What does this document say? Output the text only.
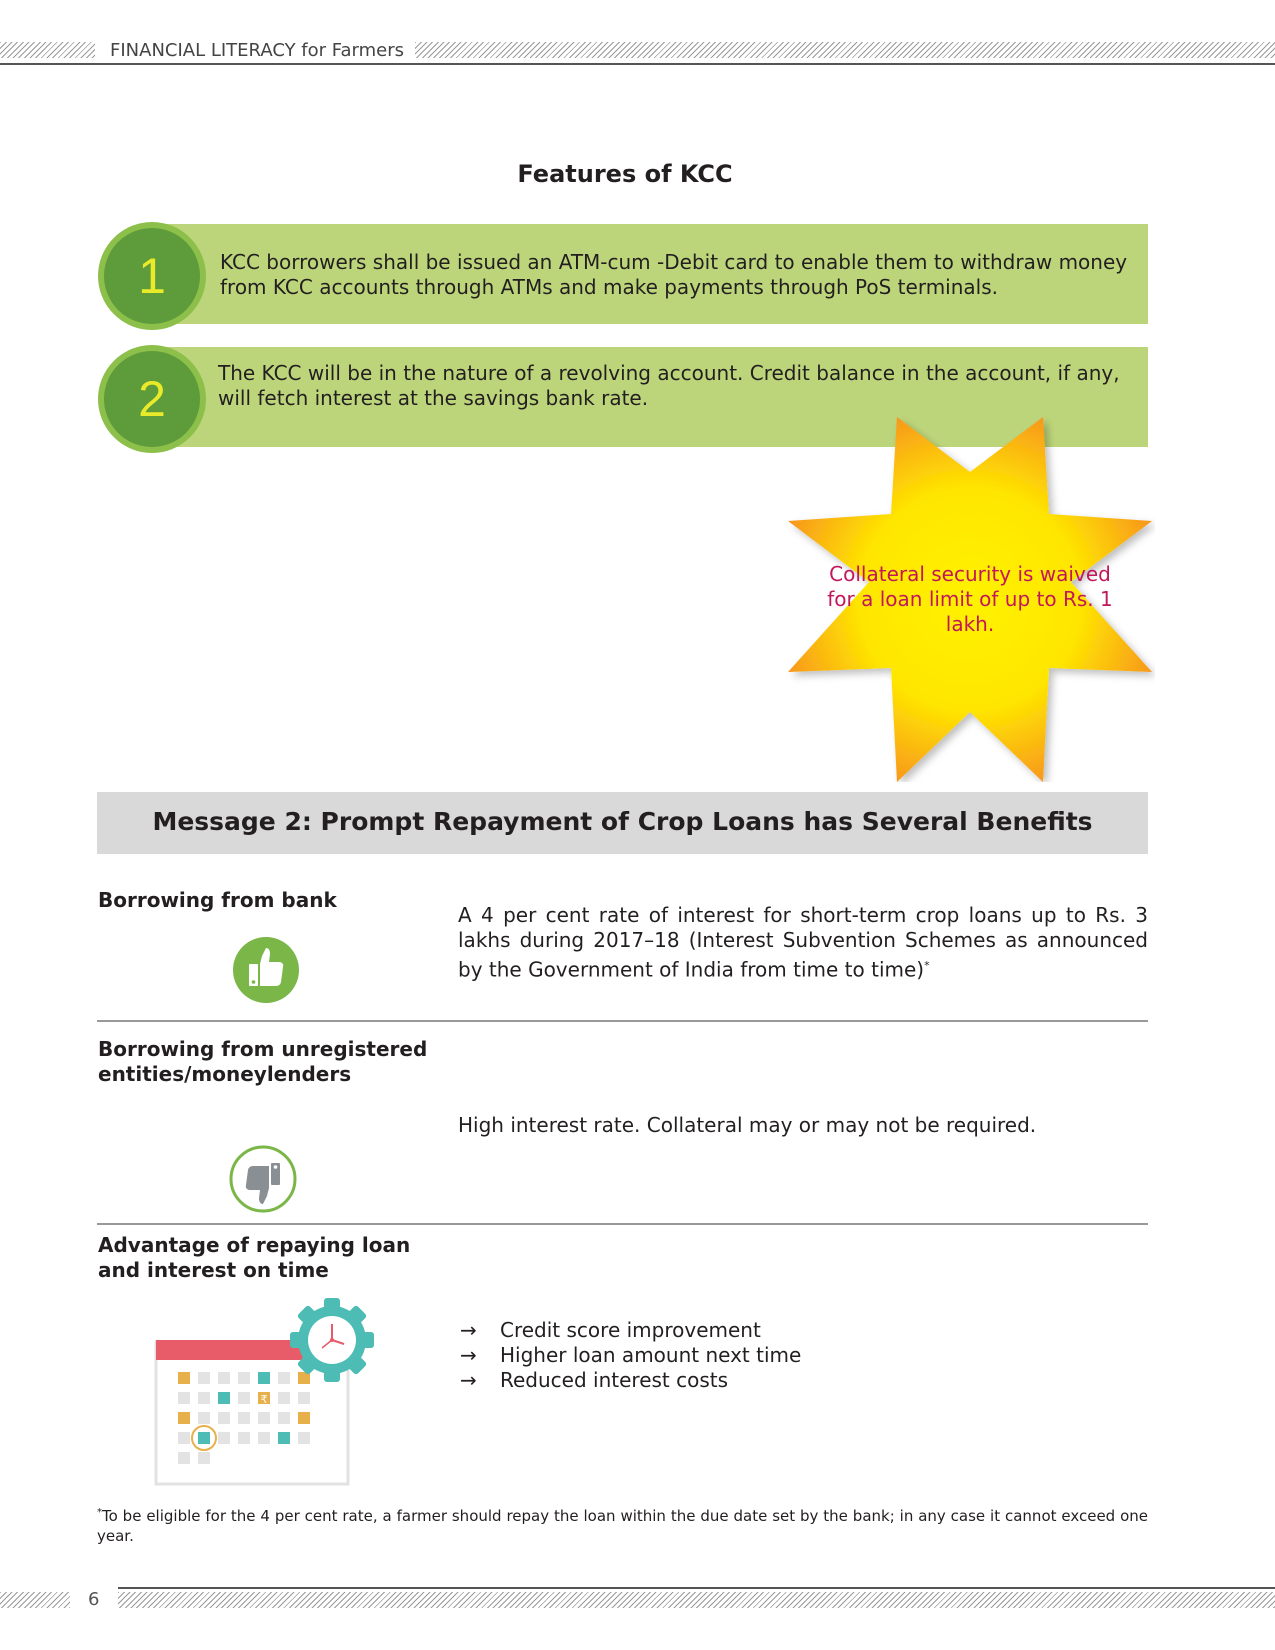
FINANCIAL LITERACY for Farmers
Features of KCC
1	KCC borrowers shall be issued an ATM-cum -Debit card to enable them to withdraw money from KCC accounts through ATMs and make payments through PoS terminals.
2	The KCC will be in the nature of a revolving account. Credit balance in the account, if any, will fetch interest at the savings bank rate.
Collateral security is waived for a loan limit of up to Rs. 1 lakh.
Message 2: Prompt Repayment of Crop Loans has Several Benefits
Borrowing from bank
A 4 per cent rate of interest for short-term crop loans up to Rs. 3 lakhs during 2017–18 (Interest Subvention Schemes as announced by the Government of India from time to time)*
Borrowing from unregistered entities/moneylenders
High interest rate. Collateral may or may not be required.
Advantage of repaying loan and interest on time
₹
→ Credit score improvement
→ Higher loan amount next time
→ Reduced interest costs
*To be eligible for the 4 per cent rate, a farmer should repay the loan within the due date set by the bank; in any case it cannot exceed one year.
6
